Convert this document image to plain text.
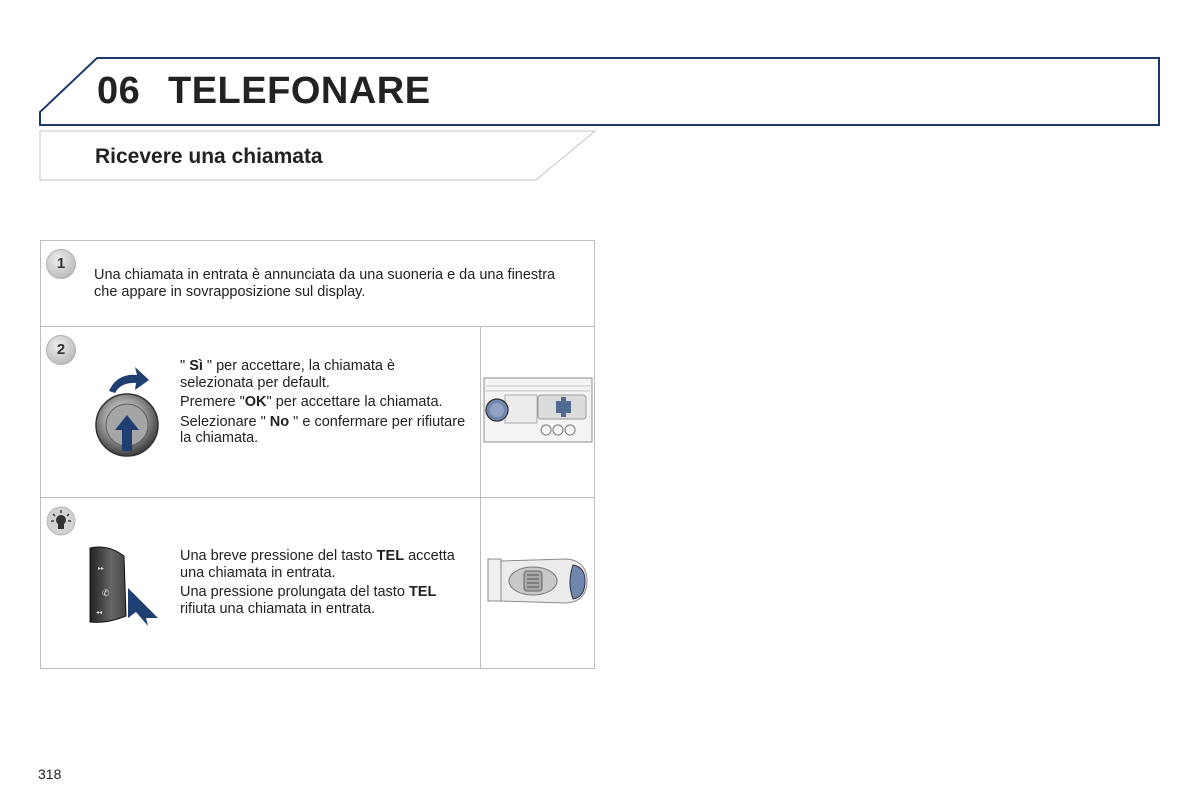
06 TELEFONARE
Ricevere una chiamata
1
Una chiamata in entrata è annunciata da una suoneria e da una finestra che appare in sovrapposizione sul display.
2

" Sì " per accettare, la chiamata è selezionata per default.

Premere "OK" per accettare la chiamata.

Selezionare " No " e confermare per rifiutare la chiamata.

▸▸
✆
◂◂

Una breve pressione del tasto TEL accetta una chiamata in entrata.

Una pressione prolungata del tasto TEL rifiuta una chiamata in entrata.

318
